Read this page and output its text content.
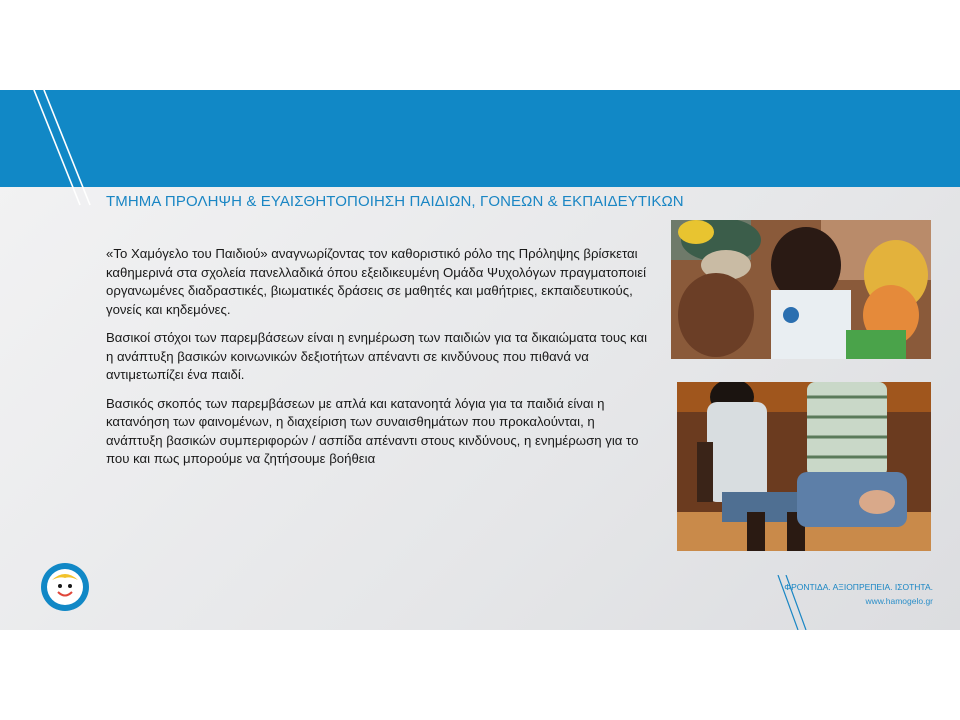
ΤΜΗΜΑ ΠΡΟΛΗΨΗ & ΕΥΑΙΣΘΗΤΟΠΟΙΗΣΗ ΠΑΙΔΙΩΝ, ΓΟΝΕΩΝ & ΕΚΠΑΙΔΕΥΤΙΚΩΝ

«Το Χαμόγελο του Παιδιού» αναγνωρίζοντας τον καθοριστικό ρόλο της Πρόληψης βρίσκεται καθημερινά στα σχολεία πανελλαδικά όπου εξειδικευμένη Ομάδα Ψυχολόγων πραγματοποιεί οργανωμένες διαδραστικές, βιωματικές δράσεις σε μαθητές και μαθήτριες, εκπαιδευτικούς, γονείς και κηδεμόνες.

Βασικοί στόχοι των παρεμβάσεων είναι η ενημέρωση των παιδιών για τα δικαιώματα τους και η ανάπτυξη βασικών κοινωνικών δεξιοτήτων απέναντι σε κινδύνους που πιθανά να αντιμετωπίζει ένα παιδί.

Βασικός σκοπός των παρεμβάσεων με απλά και κατανοητά λόγια για τα παιδιά είναι η κατανόηση των φαινομένων, η διαχείριση των συναισθημάτων που προκαλούνται, η ανάπτυξη βασικών συμπεριφορών / ασπίδα απέναντι στους κινδύνους, η ενημέρωση για το που και πως μπορούμε να ζητήσουμε βοήθεια

ΦΡΟΝΤΙΔΑ. ΑΞΙΟΠΡΕΠΕΙΑ. ΙΣΟΤΗΤΑ.
www.hamogelo.gr
